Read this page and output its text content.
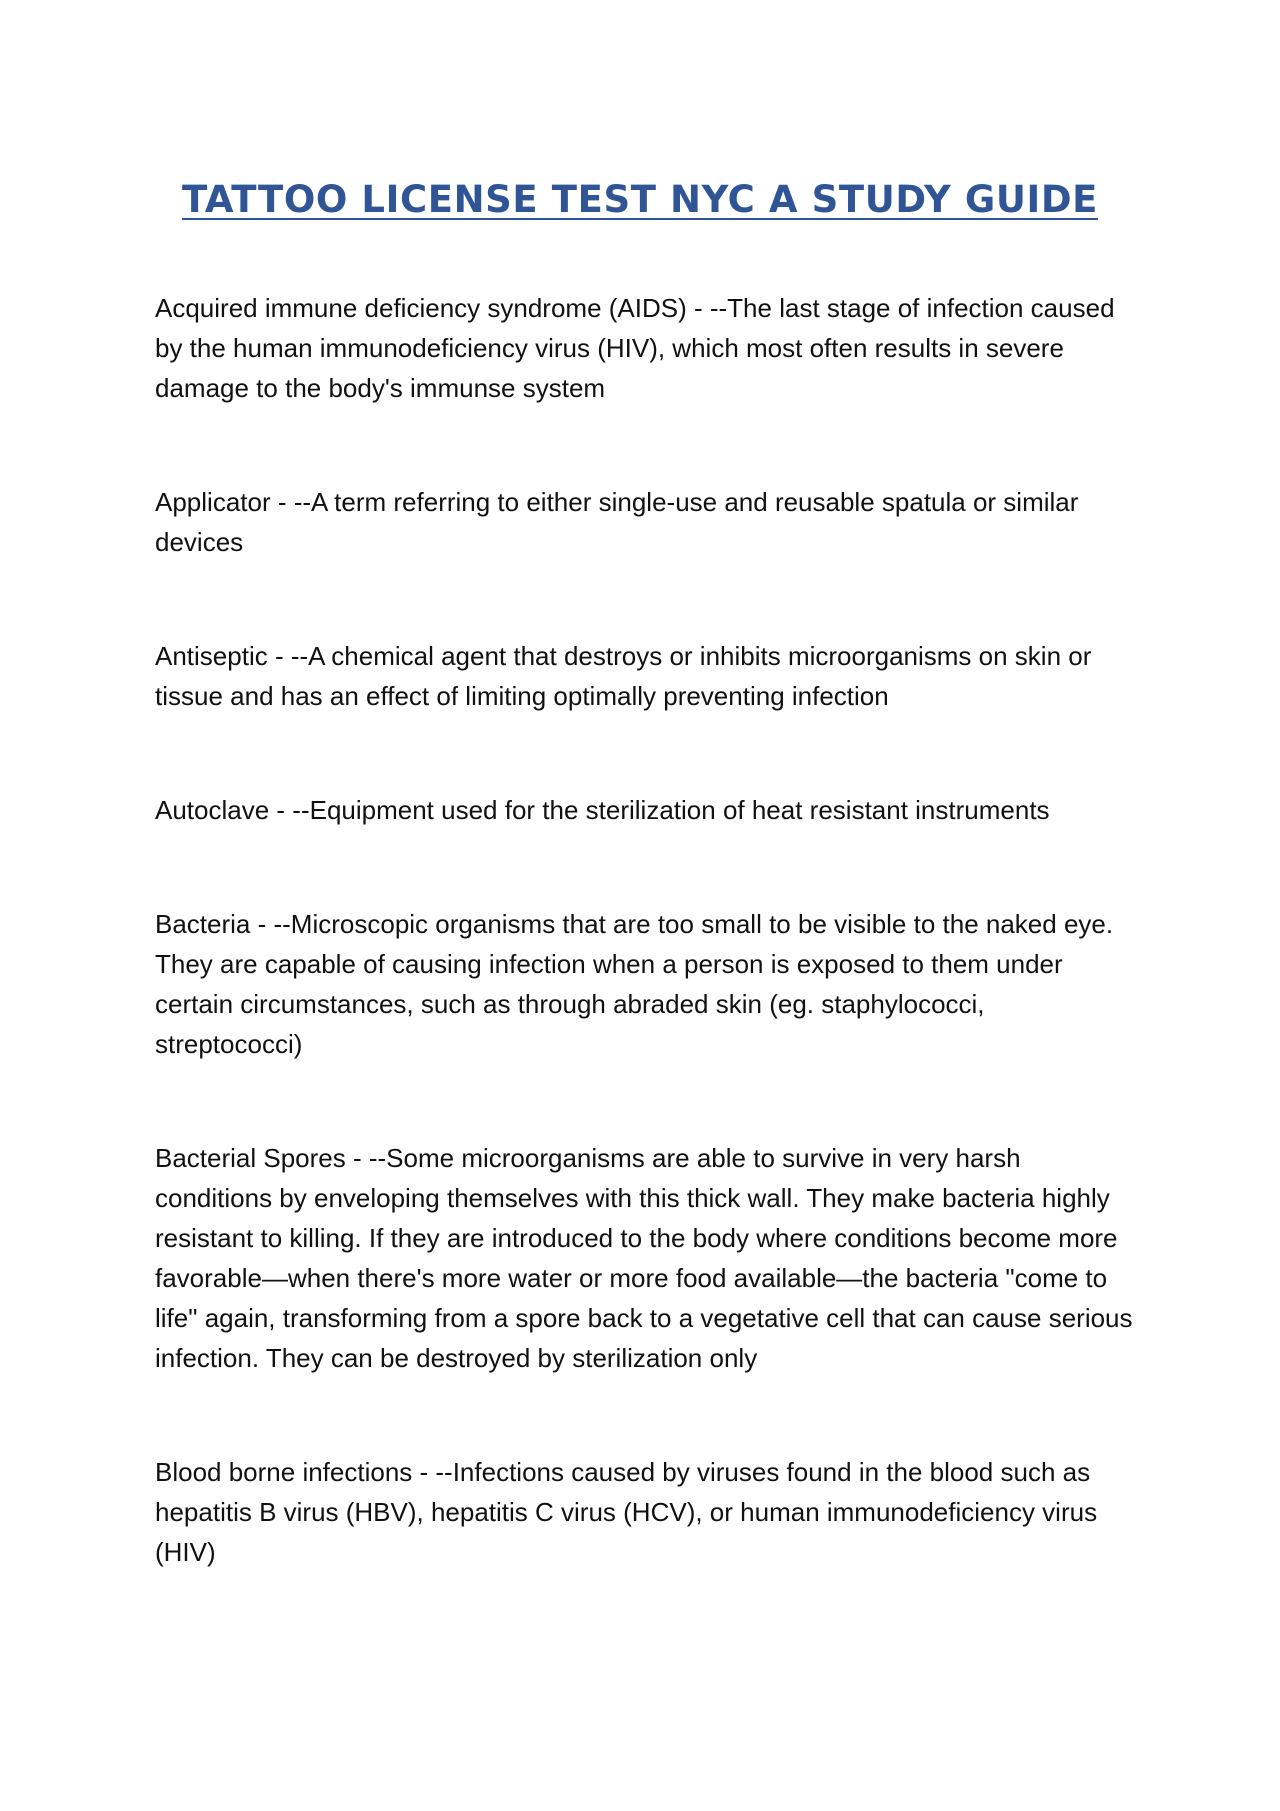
TATTOO LICENSE TEST NYC A STUDY GUIDE

Acquired immune deficiency syndrome (AIDS) - --The last stage of infection caused by the human immunodeficiency virus (HIV), which most often results in severe damage to the body's immunse system

Applicator - --A term referring to either single-use and reusable spatula or similar devices

Antiseptic - --A chemical agent that destroys or inhibits microorganisms on skin or tissue and has an effect of limiting optimally preventing infection

Autoclave - --Equipment used for the sterilization of heat resistant instruments

Bacteria - --Microscopic organisms that are too small to be visible to the naked eye. They are capable of causing infection when a person is exposed to them under certain circumstances, such as through abraded skin (eg. staphylococci, streptococci)

Bacterial Spores - --Some microorganisms are able to survive in very harsh conditions by enveloping themselves with this thick wall. They make bacteria highly resistant to killing. If they are introduced to the body where conditions become more favorable—when there's more water or more food available—the bacteria "come to life" again, transforming from a spore back to a vegetative cell that can cause serious infection. They can be destroyed by sterilization only

Blood borne infections - --Infections caused by viruses found in the blood such as hepatitis B virus (HBV), hepatitis C virus (HCV), or human immunodeficiency virus (HIV)
